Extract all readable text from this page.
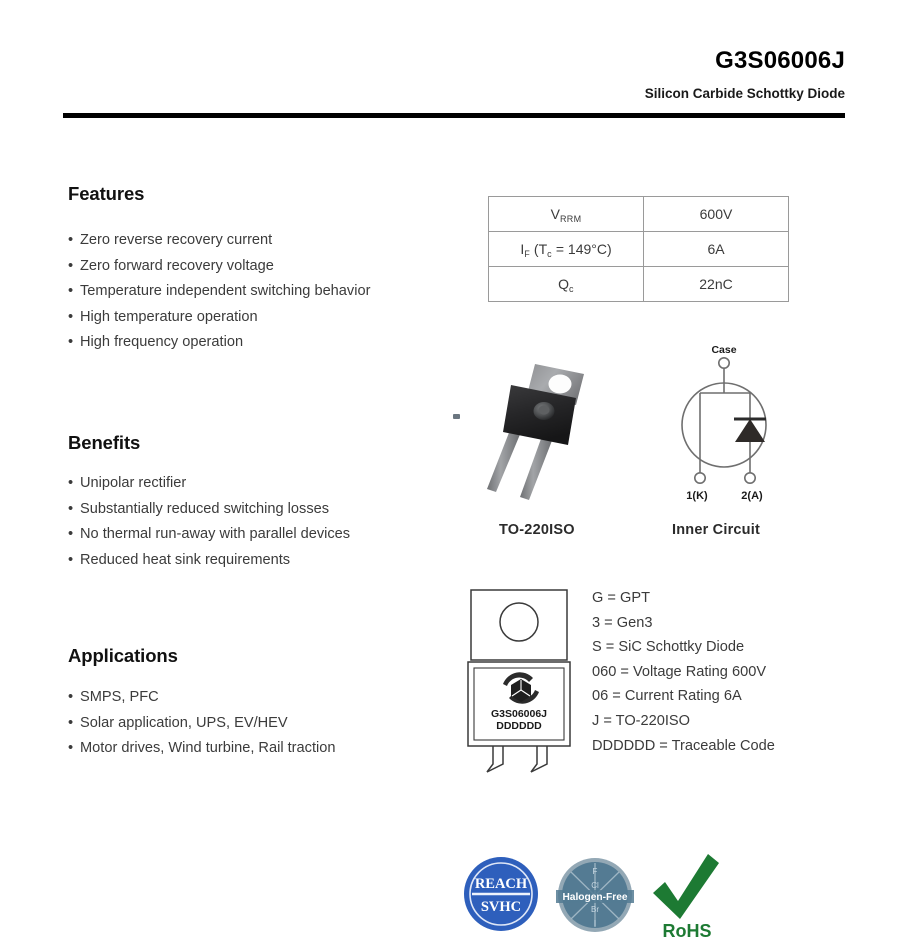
G3S06006J
Silicon Carbide Schottky Diode
Features
• Zero reverse recovery current
• Zero forward recovery voltage
• Temperature independent switching behavior
• High temperature operation
• High frequency operation
Benefits
• Unipolar rectifier
• Substantially reduced switching losses
• No thermal run-away with parallel devices
• Reduced heat sink requirements
Applications
• SMPS, PFC
• Solar application, UPS, EV/HEV
• Motor drives, Wind turbine, Rail traction
$V_{RRM}$	600V
$I_F$ $(T_c = 149^\circ C)$	6A
$Q_c$	22nC
TO-220ISO
Case
1(K)	2(A)
Inner Circuit
G3S06006J
DDDDDD
G = GPT
3 = Gen3
S = SiC Schottky Diode
060 = Voltage Rating 600V
06 = Current Rating 6A
J = TO-220ISO
DDDDDD = Traceable Code
REACH
SVHC
F
Cl
Br
I
Halogen-Free
RoHS
